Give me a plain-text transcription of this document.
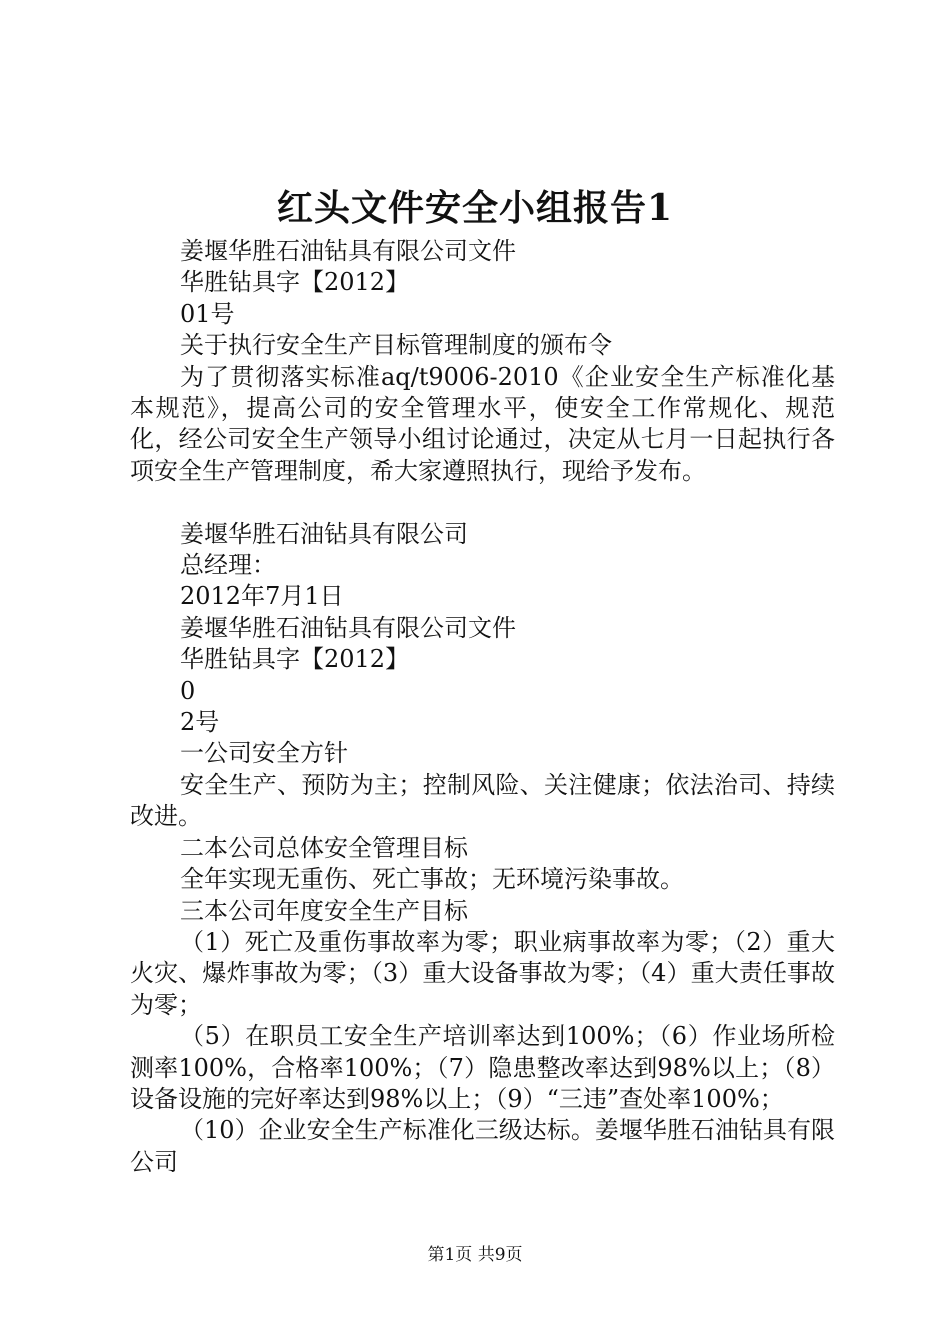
红头文件安全小组报告1
姜堰华胜石油钻具有限公司文件
华胜钻具字【2012】
01号
关于执行安全生产目标管理制度的颁布令

为了贯彻落实标准aq/t9006-2010《企业安全生产标准化基本规范》，提高公司的安全管理水平，使安全工作常规化、规范化，经公司安全生产领导小组讨论通过，决定从七月一日起执行各项安全生产管理制度，希大家遵照执行，现给予发布。

姜堰华胜石油钻具有限公司
总经理：
2012年7月1日
姜堰华胜石油钻具有限公司文件
华胜钻具字【2012】
0
2号
一公司安全方针

安全生产、预防为主；控制风险、关注健康；依法治司、持续改进。

二本公司总体安全管理目标
全年实现无重伤、死亡事故；无环境污染事故。
三本公司年度安全生产目标

（1）死亡及重伤事故率为零；职业病事故率为零；（2）重大火灾、爆炸事故为零；（3）重大设备事故为零；（4）重大责任事故为零；

（5）在职员工安全生产培训率达到100%；（6）作业场所检测率100%，合格率100%；（7）隐患整改率达到98%以上；（8）设备设施的完好率达到98%以上；（9）“三违”查处率100%；

（10）企业安全生产标准化三级达标。姜堰华胜石油钻具有限公司

第1页 共9页
